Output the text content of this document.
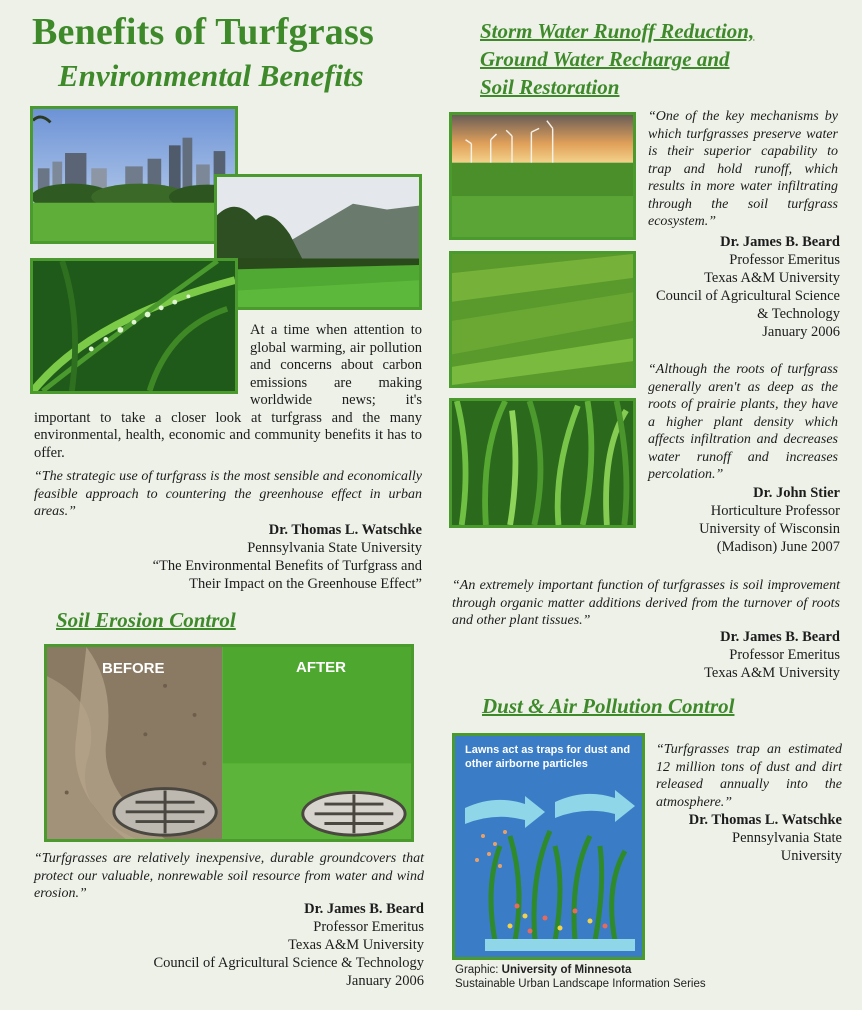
Benefits of Turfgrass
Environmental Benefits
At a time when attention to global warming, air pollution and concerns about carbon emissions are making worldwide news; it's important to take a closer look at turfgrass and the many environmental, health, economic and community benefits it has to offer.
“The strategic use of turfgrass is the most sensible and economically feasible approach to countering the greenhouse effect in urban areas.”
Dr. Thomas L. Watschke
Pennsylvania State University
“The Environmental Benefits of Turfgrass and
Their Impact on the Greenhouse Effect”
Soil Erosion Control
BEFORE	AFTER
“Turfgrasses are relatively inexpensive, durable groundcovers that protect our valuable, nonrewable soil resource from water and wind erosion.”
Dr. James B. Beard
Professor Emeritus
Texas A&M University
Council of Agricultural Science & Technology
January 2006
Storm Water Runoff Reduction,
Ground Water Recharge and
Soil Restoration
“One of the key mechanisms by which turfgrasses preserve water is their superior capability to trap and hold runoff, which results in more water infiltrating through the soil turfgrass ecosystem.”
Dr. James B. Beard
Professor Emeritus
Texas A&M University
Council of Agricultural Science
& Technology
January 2006
“Although the roots of turfgrass generally aren't as deep as the roots of prairie plants, they have a higher plant density which affects infiltration and decreases water runoff and increases percolation.”
Dr. John Stier
Horticulture Professor
University of Wisconsin
(Madison) June 2007
“An extremely important function of turfgrasses is soil improvement through organic matter additions derived from the turnover of roots and other plant tissues.”
Dr. James B. Beard
Professor Emeritus
Texas A&M University
Dust & Air Pollution Control
Lawns act as traps for dust and other airborne particles
“Turfgrasses trap an estimated 12 million tons of dust and dirt released annually into the atmosphere.”
Dr. Thomas L. Watschke
Pennsylvania State
University
Graphic: University of Minnesota
Sustainable Urban Landscape Information Series
